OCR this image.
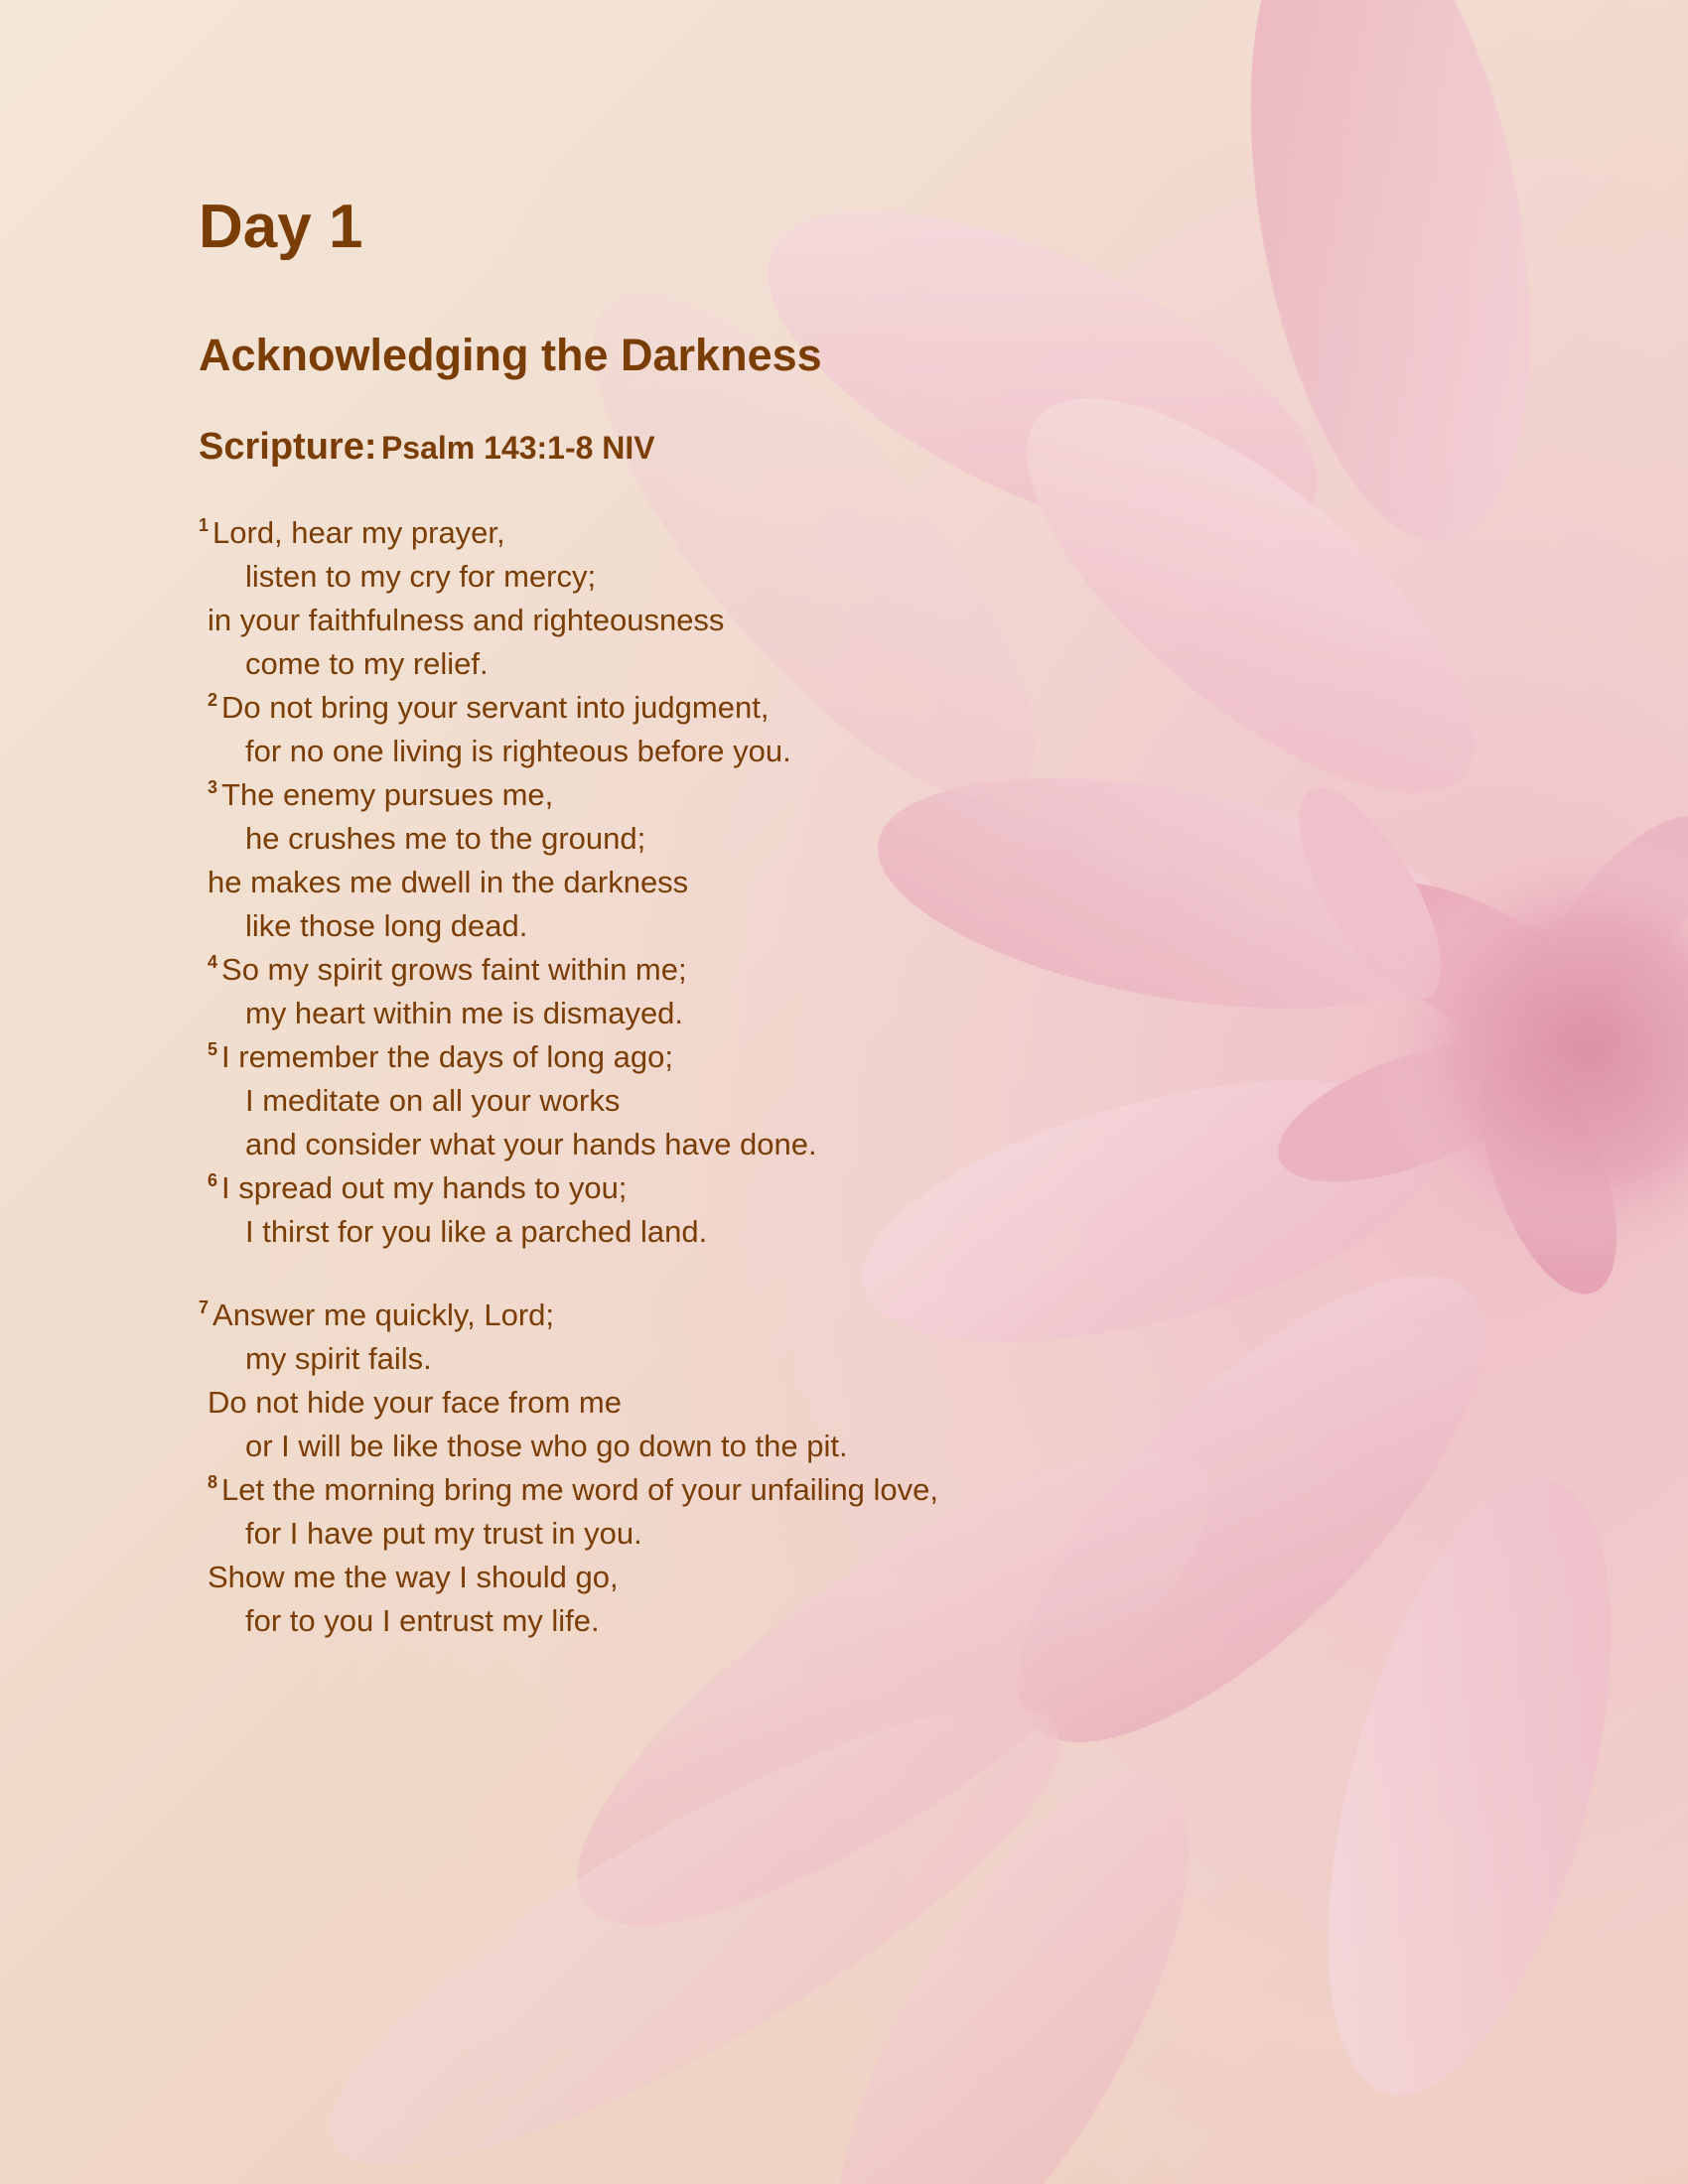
Day 1
Acknowledging the Darkness
Scripture: Psalm 143:1-8 NIV
$^1$ Lord, hear my prayer,
listen to my cry for mercy;
in your faithfulness and righteousness
come to my relief.
$^2$ Do not bring your servant into judgment,
for no one living is righteous before you.
$^3$ The enemy pursues me,
he crushes me to the ground;
he makes me dwell in the darkness
like those long dead.
$^4$ So my spirit grows faint within me;
my heart within me is dismayed.
$^5$ I remember the days of long ago;
I meditate on all your works
and consider what your hands have done.
$^6$ I spread out my hands to you;
I thirst for you like a parched land.
$^7$ Answer me quickly, Lord;
my spirit fails.
Do not hide your face from me
or I will be like those who go down to the pit.
$^8$ Let the morning bring me word of your unfailing love,
for I have put my trust in you.
Show me the way I should go,
for to you I entrust my life.
